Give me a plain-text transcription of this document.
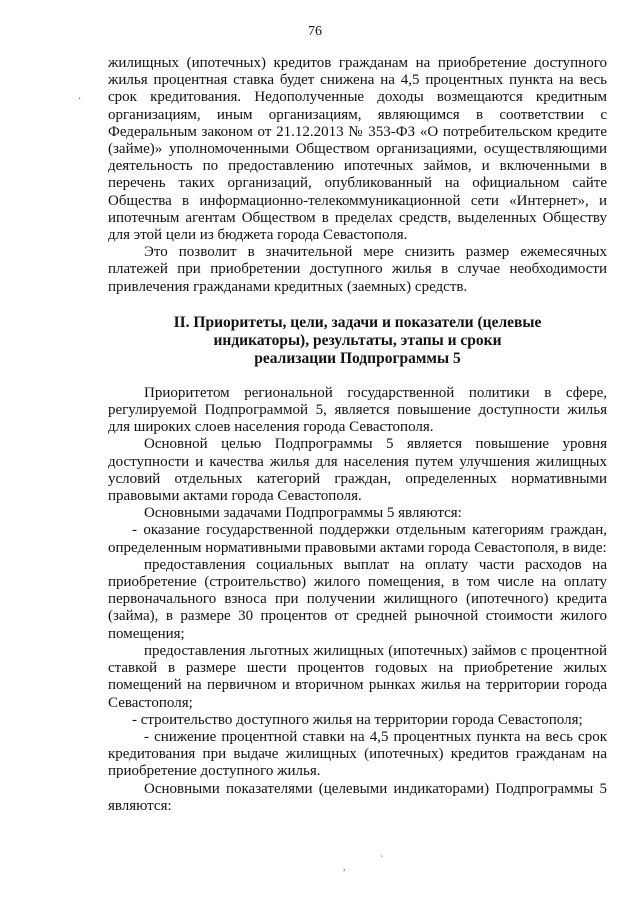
76
·

жилищных (ипотечных) кредитов гражданам на приобретение доступного жилья процентная ставка будет снижена на 4,5 процентных пункта на весь срок кредитования. Недополученные доходы возмещаются кредитным организациям, иным организациям, являющимся в соответствии с Федеральным законом от 21.12.2013 № 353-ФЗ «О потребительском кредите (займе)» уполномоченными Обществом организациями, осуществляющими деятельность по предоставлению ипотечных займов, и включенными в перечень таких организаций, опубликованный на официальном сайте Общества в информационно-телекоммуникационной сети «Интернет», и ипотечным агентам Обществом в пределах средств, выделенных Обществу для этой цели из бюджета города Севастополя.

Это позволит в значительной мере снизить размер ежемесячных платежей при приобретении доступного жилья в случае необходимости привлечения гражданами кредитных (заемных) средств.

II. Приоритеты, цели, задачи и показатели (целевые
индикаторы), результаты, этапы и сроки
реализации Подпрограммы 5

Приоритетом региональной государственной политики в сфере, регулируемой Подпрограммой 5, является повышение доступности жилья для широких слоев населения города Севастополя.

Основной целью Подпрограммы 5 является повышение уровня доступности и качества жилья для населения путем улучшения жилищных условий отдельных категорий граждан, определенных нормативными правовыми актами города Севастополя.

Основными задачами Подпрограммы 5 являются:

- оказание государственной поддержки отдельным категориям граждан, определенным нормативными правовыми актами города Севастополя, в виде:

предоставления социальных выплат на оплату части расходов на приобретение (строительство) жилого помещения, в том числе на оплату первоначального взноса при получении жилищного (ипотечного) кредита (займа), в размере 30 процентов от средней рыночной стоимости жилого помещения;

предоставления льготных жилищных (ипотечных) займов с процентной ставкой в размере шести процентов годовых на приобретение жилых помещений на первичном и вторичном рынках жилья на территории города Севастополя;

- строительство доступного жилья на территории города Севастополя;

- снижение процентной ставки на 4,5 процентных пункта на весь срок кредитования при выдаче жилищных (ипотечных) кредитов гражданам на приобретение доступного жилья.

Основными показателями (целевыми индикаторами) Подпрограммы 5 являются:

,
`
